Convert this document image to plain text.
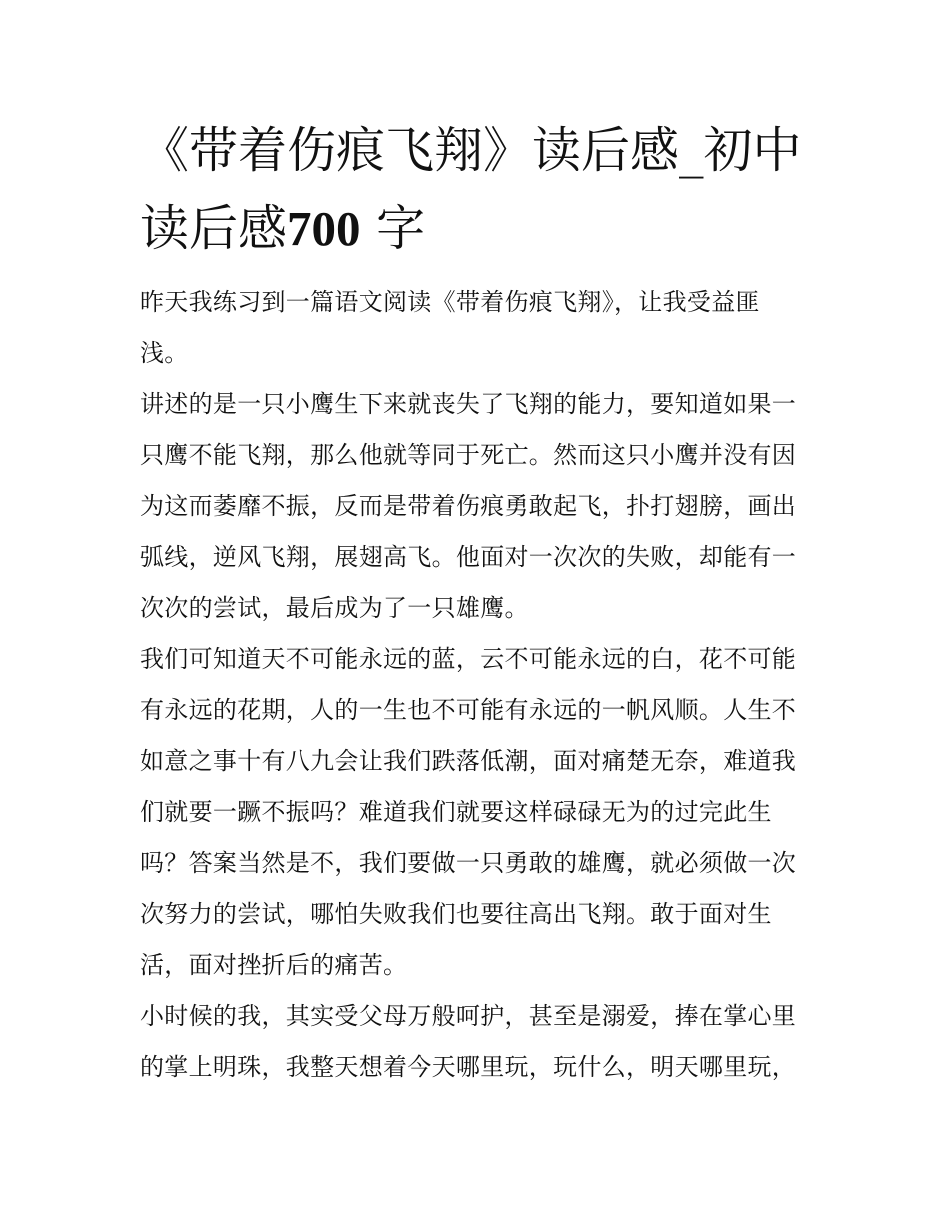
《带着伤痕飞翔》读后感_初中
读后感700 字
昨天我练习到一篇语文阅读《带着伤痕飞翔》，让我受益匪
浅。
讲述的是一只小鹰生下来就丧失了飞翔的能力，要知道如果一
只鹰不能飞翔，那么他就等同于死亡。然而这只小鹰并没有因
为这而萎靡不振，反而是带着伤痕勇敢起飞，扑打翅膀，画出
弧线，逆风飞翔，展翅高飞。他面对一次次的失败，却能有一
次次的尝试，最后成为了一只雄鹰。
我们可知道天不可能永远的蓝，云不可能永远的白，花不可能
有永远的花期，人的一生也不可能有永远的一帆风顺。人生不
如意之事十有八九会让我们跌落低潮，面对痛楚无奈，难道我
们就要一蹶不振吗？难道我们就要这样碌碌无为的过完此生
吗？答案当然是不，我们要做一只勇敢的雄鹰，就必须做一次
次努力的尝试，哪怕失败我们也要往高出飞翔。敢于面对生
活，面对挫折后的痛苦。
小时候的我，其实受父母万般呵护，甚至是溺爱，捧在掌心里
的掌上明珠，我整天想着今天哪里玩，玩什么，明天哪里玩，
